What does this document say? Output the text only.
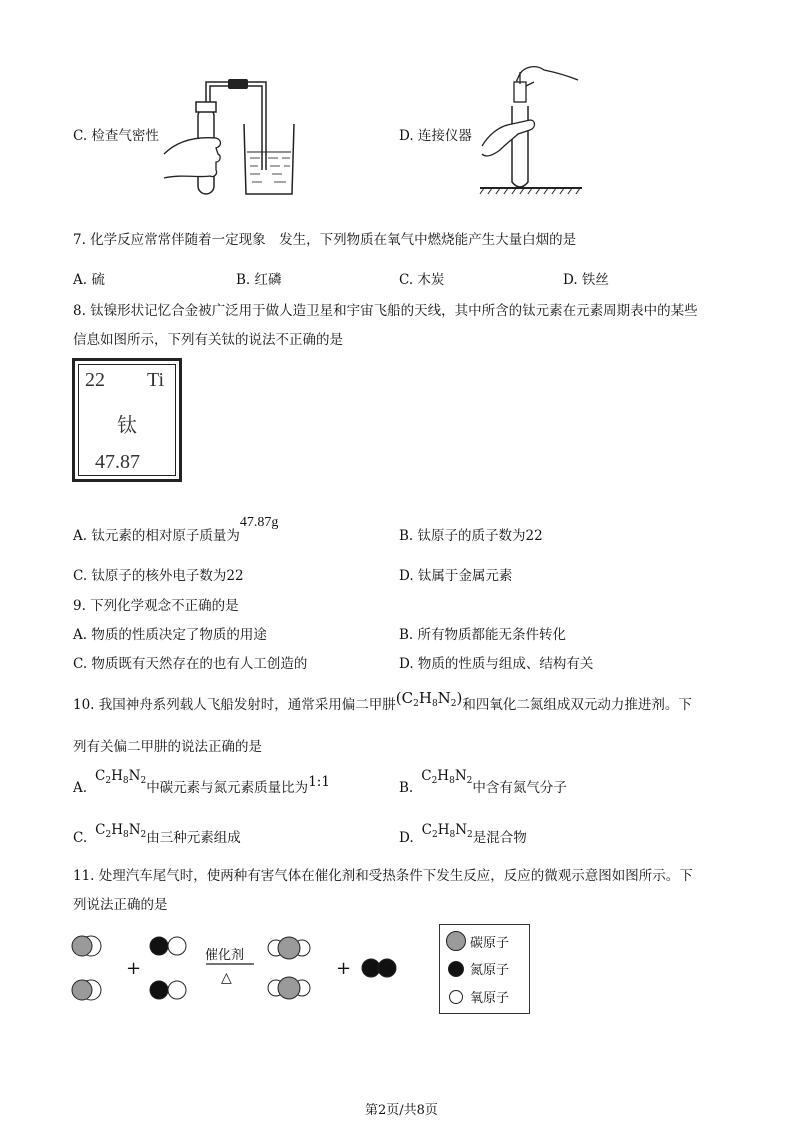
C. 检查气密性	D. 连接仪器
7. 化学反应常常伴随着一定现象　发生，下列物质在氧气中燃烧能产生大量白烟的是
A. 硫	B. 红磷	C. 木炭	D. 铁丝
8. 钛镍形状记忆合金被广泛用于做人造卫星和宇宙飞船的天线，其中所含的钛元素在元素周期表中的某些
信息如图所示，下列有关钛的说法不正确的是
22 Ti
钛
47.87
A. 钛元素的相对原子质量为47.87g
B. 钛原子的质子数为22
C. 钛原子的核外电子数为22	D. 钛属于金属元素
9. 下列化学观念不正确的是
A. 物质的性质决定了物质的用途	B. 所有物质都能无条件转化
C. 物质既有天然存在的也有人工创造的	D. 物质的性质与组成、结构有关
10. 我国神舟系列载人飞船发射时，通常采用偏二甲肼$(C_2H_8N_2)$和四氧化二氮组成双元动力推进剂。下
列有关偏二甲肼的说法正确的是
$A.C_2H_8N_2$中碳元素与氮元素质量比为1:1	$B.C_2H_8N_2$中含有氮气分子
C. $C_2H_8N_2$由三种元素组成	D. $C_2H_8N_2$是混合物
11. 处理汽车尾气时，使两种有害气体在催化剂和受热条件下发生反应，反应的微观示意图如图所示。下
列说法正确的是
+	+
催化剂
△
碳原子
氮原子
氧原子
第2页/共8页
